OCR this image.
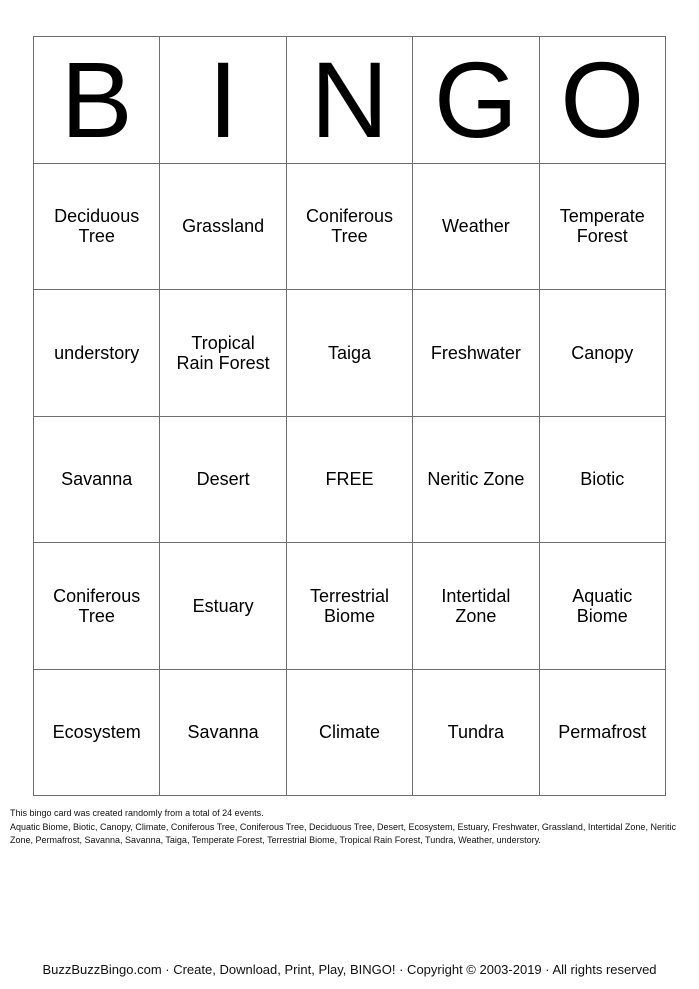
B	I	N	G	O
Deciduous Tree	Grassland	Coniferous Tree	Weather	Temperate Forest
understory	Tropical Rain Forest	Taiga	Freshwater	Canopy
Savanna	Desert	FREE	Neritic Zone	Biotic
Coniferous Tree	Estuary	Terrestrial Biome	Intertidal Zone	Aquatic Biome
Ecosystem	Savanna	Climate	Tundra	Permafrost
This bingo card was created randomly from a total of 24 events.
Aquatic Biome, Biotic, Canopy, Climate, Coniferous Tree, Coniferous Tree, Deciduous Tree, Desert, Ecosystem, Estuary, Freshwater, Grassland, Intertidal Zone, Neritic Zone, Permafrost, Savanna, Savanna, Taiga, Temperate Forest, Terrestrial Biome, Tropical Rain Forest, Tundra, Weather, understory.
BuzzBuzzBingo.com · Create, Download, Print, Play, BINGO! · Copyright © 2003-2019 · All rights reserved
